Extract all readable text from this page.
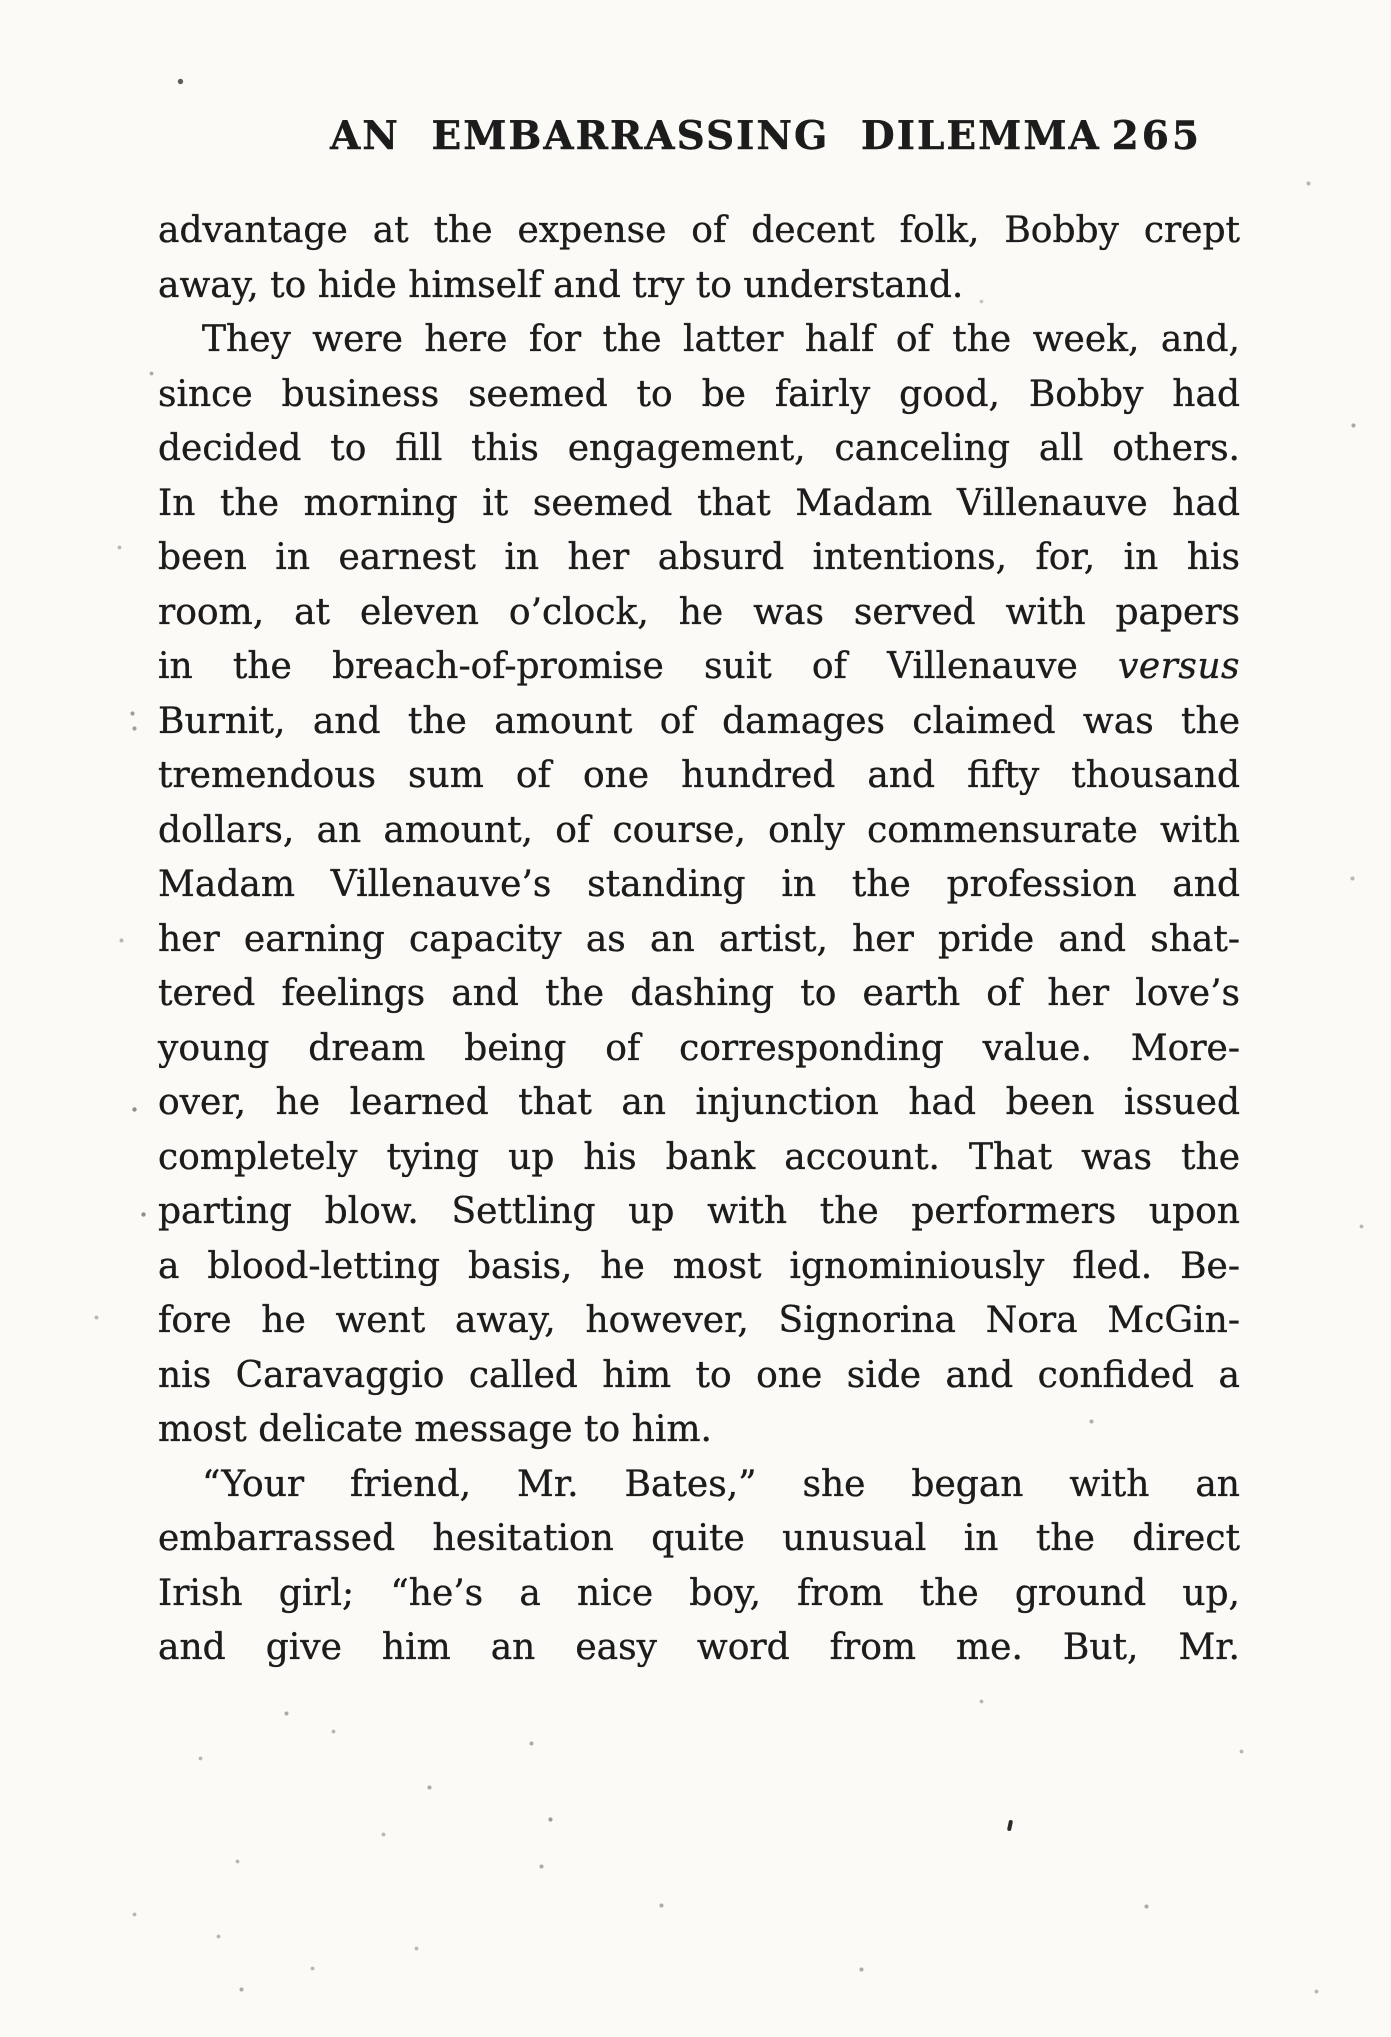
AN EMBARRASSING DILEMMA 265
advantage at the expense of decent folk, Bobby crept
away, to hide himself and try to understand.
They were here for the latter half of the week, and,
since business seemed to be fairly good, Bobby had
decided to fill this engagement, canceling all others.
In the morning it seemed that Madam Villenauve had
been in earnest in her absurd intentions, for, in his
room, at eleven o’clock, he was served with papers
in the breach-of-promise suit of Villenauve versus
Burnit, and the amount of damages claimed was the
tremendous sum of one hundred and fifty thousand
dollars, an amount, of course, only commensurate with
Madam Villenauve’s standing in the profession and
her earning capacity as an artist, her pride and shat-
tered feelings and the dashing to earth of her love’s
young dream being of corresponding value. More-
over, he learned that an injunction had been issued
completely tying up his bank account. That was the
parting blow. Settling up with the performers upon
a blood-letting basis, he most ignominiously fled. Be-
fore he went away, however, Signorina Nora McGin-
nis Caravaggio called him to one side and confided a
most delicate message to him.
“Your friend, Mr. Bates,” she began with an
embarrassed hesitation quite unusual in the direct
Irish girl; “he’s a nice boy, from the ground up,
and give him an easy word from me. But, Mr.
